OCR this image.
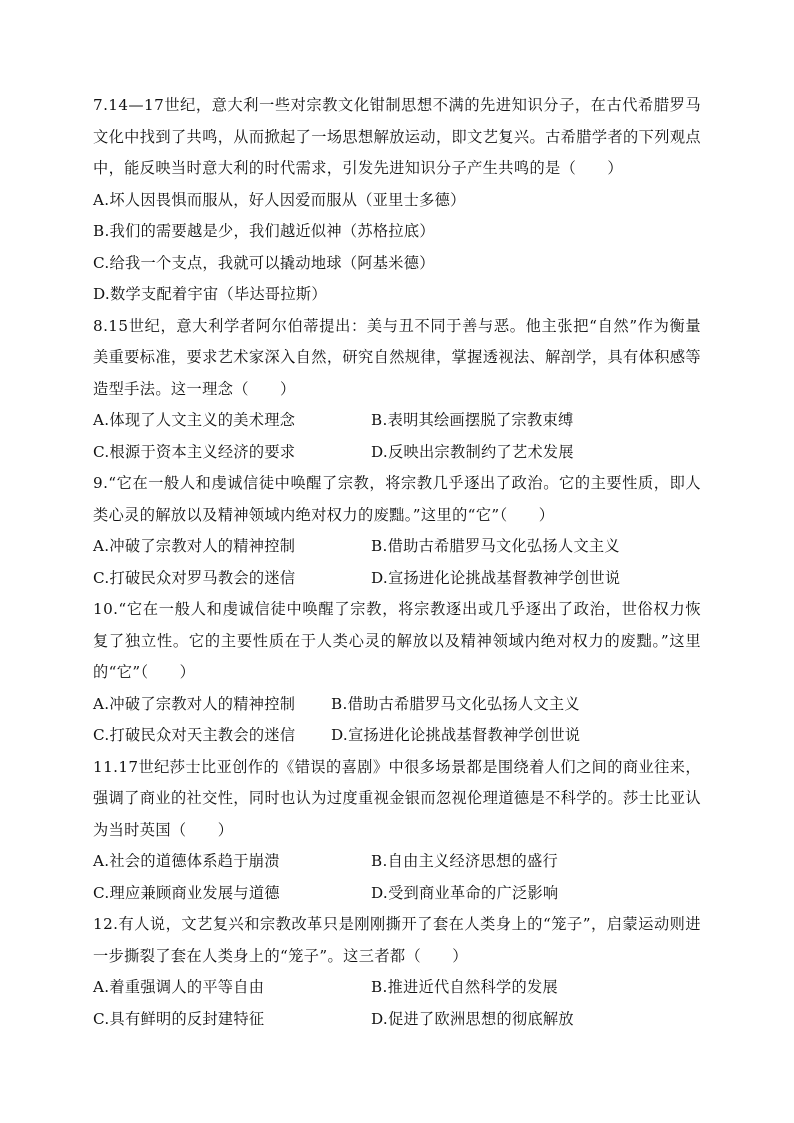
7.14—17世纪，意大利一些对宗教文化钳制思想不满的先进知识分子，在古代希腊罗马文化中找到了共鸣，从而掀起了一场思想解放运动，即文艺复兴。古希腊学者的下列观点中，能反映当时意大利的时代需求，引发先进知识分子产生共鸣的是（　　）

A.坏人因畏惧而服从，好人因爱而服从（亚里士多德）

B.我们的需要越是少，我们越近似神（苏格拉底）

C.给我一个支点，我就可以撬动地球（阿基米德）

D.数学支配着宇宙（毕达哥拉斯）

8.15世纪，意大利学者阿尔伯蒂提出：美与丑不同于善与恶。他主张把“自然”作为衡量美重要标准，要求艺术家深入自然，研究自然规律，掌握透视法、解剖学，具有体积感等造型手法。这一理念（　　）

A.体现了人文主义的美术理念	B.表明其绘画摆脱了宗教束缚
C.根源于资本主义经济的要求	D.反映出宗教制约了艺术发展

9.“它在一般人和虔诚信徒中唤醒了宗教，将宗教几乎逐出了政治。它的主要性质，即人类心灵的解放以及精神领域内绝对权力的废黜。”这里的“它”（　　）

A.冲破了宗教对人的精神控制	B.借助古希腊罗马文化弘扬人文主义
C.打破民众对罗马教会的迷信	D.宣扬进化论挑战基督教神学创世说

10.“它在一般人和虔诚信徒中唤醒了宗教，将宗教逐出或几乎逐出了政治，世俗权力恢复了独立性。它的主要性质在于人类心灵的解放以及精神领域内绝对权力的废黜。”这里的“它”（　　）

A.冲破了宗教对人的精神控制	B.借助古希腊罗马文化弘扬人文主义
C.打破民众对天主教会的迷信	D.宣扬进化论挑战基督教神学创世说

11.17世纪莎士比亚创作的《错误的喜剧》中很多场景都是围绕着人们之间的商业往来，强调了商业的社交性，同时也认为过度重视金银而忽视伦理道德是不科学的。莎士比亚认为当时英国（　　）

A.社会的道德体系趋于崩溃	B.自由主义经济思想的盛行
C.理应兼顾商业发展与道德	D.受到商业革命的广泛影响

12.有人说，文艺复兴和宗教改革只是刚刚撕开了套在人类身上的“笼子”，启蒙运动则进一步撕裂了套在人类身上的“笼子”。这三者都（　　）

A.着重强调人的平等自由	B.推进近代自然科学的发展
C.具有鲜明的反封建特征	D.促进了欧洲思想的彻底解放
